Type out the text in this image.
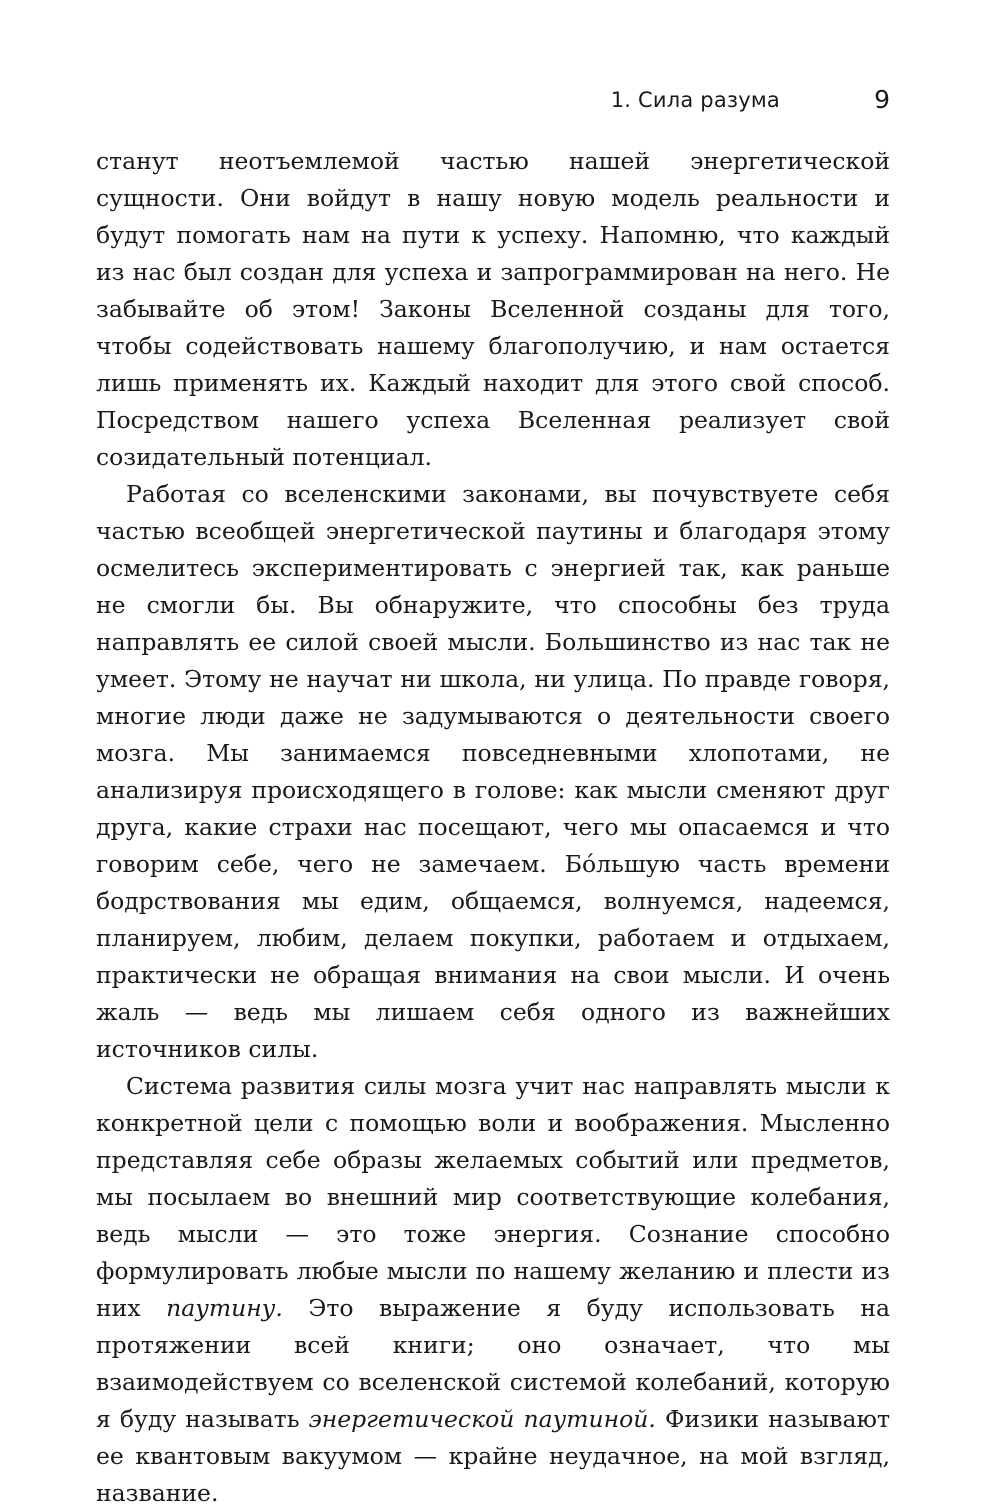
1. Сила разума	9

станут неотъемлемой частью нашей энергетической сущности. Они войдут в нашу новую модель реальности и будут помогать нам на пути к успеху. Напомню, что каждый из нас был создан для успеха и запрограммирован на него. Не забывайте об этом! Законы Вселенной созданы для того, чтобы содействовать нашему благополучию, и нам остается лишь применять их. Каждый находит для этого свой способ. Посредством нашего успеха Вселенная реализует свой созидательный потенциал.

Работая со вселенскими законами, вы почувствуете себя частью всеобщей энергетической паутины и благодаря этому осмелитесь экспериментировать с энергией так, как раньше не смогли бы. Вы обнаружите, что способны без труда направлять ее силой своей мысли. Большинство из нас так не умеет. Этому не научат ни школа, ни улица. По правде говоря, многие люди даже не задумываются о деятельности своего мозга. Мы занимаемся повседневными хлопотами, не анализируя происходящего в голове: как мысли сменяют друг друга, какие страхи нас посещают, чего мы опасаемся и что говорим себе, чего не замечаем. Бóльшую часть времени бодрствования мы едим, общаемся, волнуемся, надеемся, планируем, любим, делаем покупки, работаем и отдыхаем, практически не обращая внимания на свои мысли. И очень жаль — ведь мы лишаем себя одного из важнейших источников силы.

Система развития силы мозга учит нас направлять мысли к конкретной цели с помощью воли и воображения. Мысленно представляя себе образы желаемых событий или предметов, мы посылаем во внешний мир соответствующие колебания, ведь мысли — это тоже энергия. Сознание способно формулировать любые мысли по нашему желанию и плести из них паутину. Это выражение я буду использовать на протяжении всей книги; оно означает, что мы взаимодействуем со вселенской системой колебаний, которую я буду называть энергетической паутиной. Физики называют ее квантовым вакуумом — крайне неудачное, на мой взгляд, название.
